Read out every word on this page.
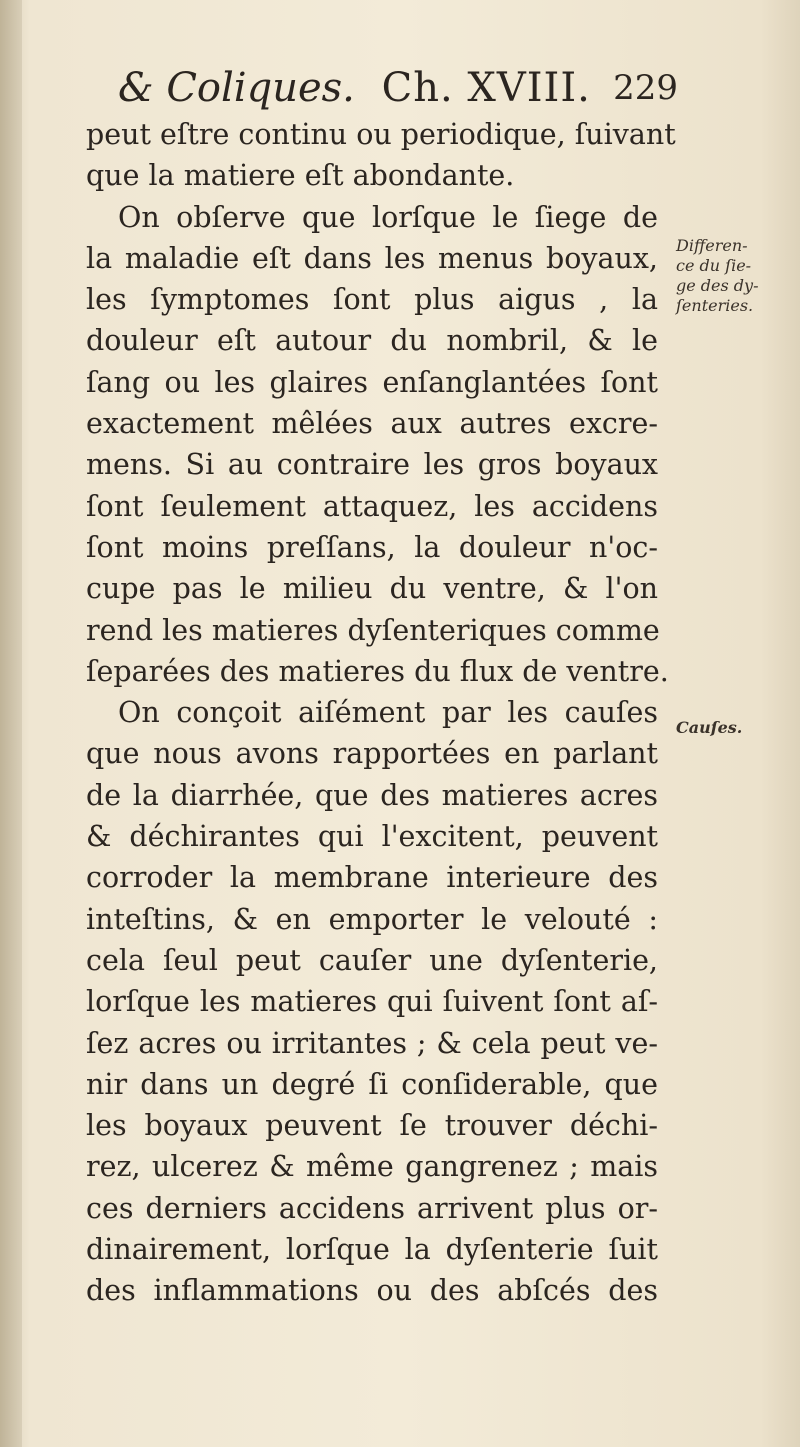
& Coliques. Ch. XVIII. 229
peut eſtre continu ou periodique, ſuivant
que la matiere eſt abondante.
On obſerve que lorſque le ſiege de
la maladie eſt dans les menus boyaux,
les ſymptomes ſont plus aigus , la
douleur eſt autour du nombril, & le
ſang ou les glaires enſanglantées ſont
exactement mêlées aux autres excre-
mens. Si au contraire les gros boyaux
ſont ſeulement attaquez, les accidens
ſont moins preſſans, la douleur n'oc-
cupe pas le milieu du ventre, & l'on
rend les matieres dyſenteriques comme
ſeparées des matieres du flux de ventre.
On conçoit aiſément par les cauſes
que nous avons rapportées en parlant
de la diarrhée, que des matieres acres
& déchirantes qui l'excitent, peuvent
corroder la membrane interieure des
inteſtins, & en emporter le velouté :
cela ſeul peut cauſer une dyſenterie,
lorſque les matieres qui ſuivent ſont aſ-
ſez acres ou irritantes ; & cela peut ve-
nir dans un degré ſi conſiderable, que
les boyaux peuvent ſe trouver déchi-
rez, ulcerez & même gangrenez ; mais
ces derniers accidens arrivent plus or-
dinairement, lorſque la dyſenterie ſuit
des inflammations ou des abſcés des
Differen-
ce du ſie-
ge des dy-
ſenteries.
Cauſes.
